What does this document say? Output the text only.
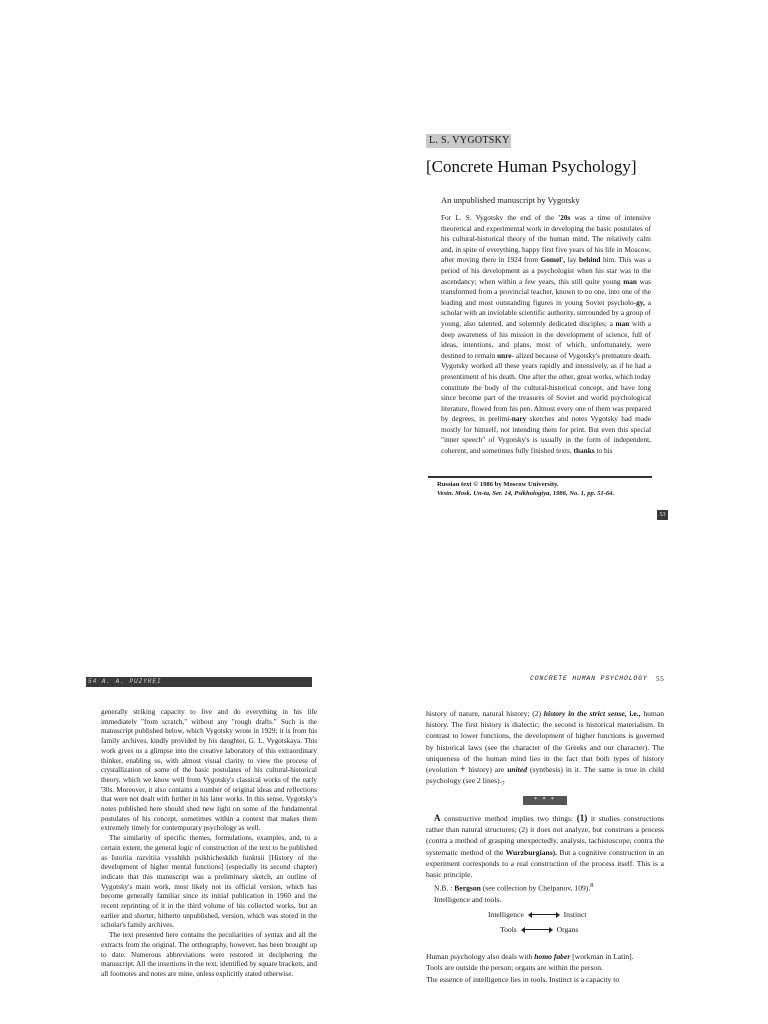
L. S. VYGOTSKY
[Concrete Human Psychology]
An unpublished manuscript by Vygotsky

For L. S. Vygotsky the end of the '20s was a time of intensive theoretical and experimental work in developing the basic postulates of his cultural-historical theory of the human mind. The relatively calm and, in spite of everything, happy first five years of his life in Moscow, after moving there in 1924 from Gomel', lay behind him. This was a period of his development as a psychologist when his star was in the ascendancy; when within a few years, this still quite young man was transformed from a provincial teacher, known to no one, into one of the leading and most outstanding figures in young Soviet psycholo-gy, a scholar with an inviolable scientific authority, surrounded by a group of young, also talented, and solemnly dedicated disciples; a man with a deep awareness of his mission in the development of science, full of ideas, intentions, and plans, most of which, unfortunately, were destined to remain unre- alized because of Vygotsky's premature death. Vygotsky worked all these years rapidly and intensively, as if he had a presentiment of his death. One after the other, great works, which today constitute the body of the cultural-historical concept, and have long since become part of the treasures of Soviet and world psychological literature, flowed from his pen. Almost every one of them was prepared by degrees, in prelimi-nary sketches and notes Vygotsky had made mostly for himself, not intending them for print. But even this special "inner speech" of Vygotsky's is usually in the form of independent, coherent, and sometimes fully finished texts, thanks to his

Russian text © 1986 by Moscow University.
Vestn. Mosk. Un-ta, Ser. 14, Psikhologiya, 1986, No. 1, pp. 51-64.
53
54 A. A. PUZYREI

generally striking capacity to live and do everything in his life immediately "from scratch," without any "rough drafts." Such is the manuscript published below, which Vygotsky wrote in 1929; it is from his family archives, kindly provided by his daughter, G. L. Vygotskaya. This work gives us a glimpse into the creative laboratory of this extraordinary thinker, enabling us, with almost visual clarity, to view the process of crystallization of some of the basic postulates of his cultural-historical theory, which we know well from Vygotsky's classical works of the early '30s. Moreover, it also contains a number of original ideas and reflections that were not dealt with further in his later works. In this sense, Vygotsky's notes published here should shed new light on some of the fundamental postulates of his concept, sometimes within a context that makes them extremely timely for contemporary psychology as well.

The similarity of specific themes, formulations, examples, and, to a certain extent, the general logic of construction of the text to be published as Istoriia razvitiia vysshikh psikhicheskikh funktsii [History of the development of higher mental functions] (especially its second chapter) indicate that this manuscript was a preliminary sketch, an outline of Vygotsky's main work, most likely not its official version, which has become generally familiar since its initial publication in 1960 and the recent reprinting of it in the third volume of his collected works, but an earlier and shorter, hitherto unpublished, version, which was stored in the scholar's family archives.

The text presented here contains the peculiarities of syntax and all the extracts from the original. The orthography, however, has been brought up to date. Numerous abbreviations were restored in deciphering the manuscript. All the insertions in the text, identified by square brackets, and all footnotes and notes are mine, unless explicitly stated otherwise.

CONCRETE HUMAN PSYCHOLOGY 55

history of nature, natural history; (2) history in the strict sense, i.e., human history. The first history is dialectic; the second is historical materialism. In contrast to lower functions, the development of higher functions is governed by historical laws (see the character of the Greeks and our character). The uniqueness of the human mind lies in the fact that both types of history (evolution + history) are united (synthesis) in it. The same is true in child psychology (see 2 $lines)._7$

* * *

A constructive method implies two things: (1) it studies constructions rather than natural structures; (2) it does not analyze, but construes a process (contra a method of grasping unexpectedly, analysis, tachistoscope; contra the systematic method of the Wurzburgians). But a cognitive construction in an experiment corresponds to a real construction of the process itself. This is a basic principle.

N.B. : Bergson (see collection by Chelpanov, 109).$^8$

Intelligence and tools.

Intelligence	Instinct
Tools	Organs

Human psychology also deals with homo faber [workman in Latin].

Tools are outside the person; organs are within the person.

The essence of intelligence lies in tools. Instinct is a capacity to
